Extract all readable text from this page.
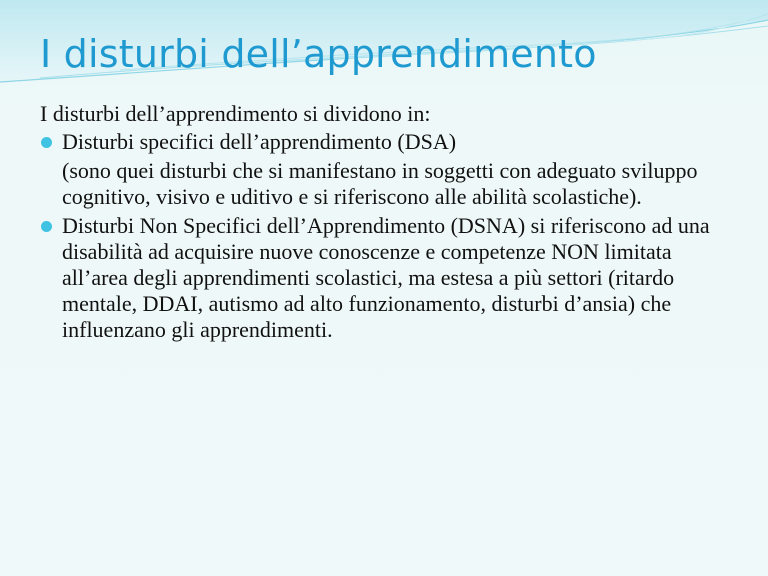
I disturbi dell’apprendimento

I disturbi dell’apprendimento si dividono in:

Disturbi specifici dell’apprendimento (DSA)

(sono quei disturbi che si manifestano in soggetti con adeguato sviluppo cognitivo, visivo e uditivo e si riferiscono alle abilità scolastiche).

Disturbi Non Specifici dell’Apprendimento (DSNA) si riferiscono ad una disabilità ad acquisire nuove conoscenze e competenze NON limitata all’area degli apprendimenti scolastici, ma estesa a più settori (ritardo mentale, DDAI, autismo ad alto funzionamento, disturbi d’ansia) che influenzano gli apprendimenti.
